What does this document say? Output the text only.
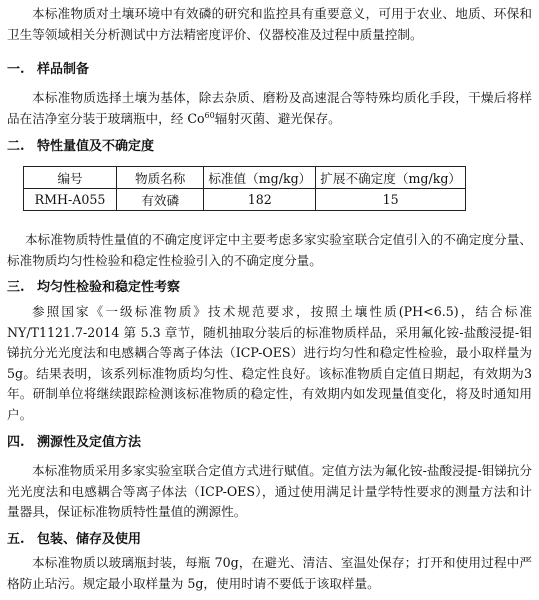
本标准物质对土壤环境中有效磷的研究和监控具有重要意义，可用于农业、地质、环保和卫生等领域相关分析测试中方法精密度评价、仪器校准及过程中质量控制。

一. 样品制备

本标准物质选择土壤为基体，除去杂质、磨粉及高速混合等特殊均质化手段，干燥后将样品在洁净室分装于玻璃瓶中，经 Co$^{60}$辐射灭菌、避光保存。

二. 特性量值及不确定度
编号	物质名称	标准值（mg/kg）	扩展不确定度（mg/kg）
RMH-A055	有效磷	182	15

本标准物质特性量值的不确定度评定中主要考虑多家实验室联合定值引入的不确定度分量、标准物质均匀性检验和稳定性检验引入的不确定度分量。

三. 均匀性检验和稳定性考察

参照国家《一级标准物质》技术规范要求，按照土壤性质(PH<6.5)，结合标准NY/T1121.7-2014 第 5.3 章节，随机抽取分装后的标准物质样品，采用氟化铵-盐酸浸提-钼锑抗分光光度法和电感耦合等离子体法（ICP-OES）进行均匀性和稳定性检验，最小取样量为5g。结果表明，该系列标准物质均匀性、稳定性良好。该标准物质自定值日期起，有效期为3 年。研制单位将继续跟踪检测该标准物质的稳定性，有效期内如发现量值变化，将及时通知用户。

四. 溯源性及定值方法

本标准物质采用多家实验室联合定值方式进行赋值。定值方法为氟化铵-盐酸浸提-钼锑抗分光光度法和电感耦合等离子体法（ICP-OES），通过使用满足计量学特性要求的测量方法和计量器具，保证标准物质特性量值的溯源性。

五. 包装、储存及使用

本标准物质以玻璃瓶封装，每瓶 70g，在避光、清洁、室温处保存；打开和使用过程中严格防止玷污。规定最小取样量为 5g，使用时请不要低于该取样量。
